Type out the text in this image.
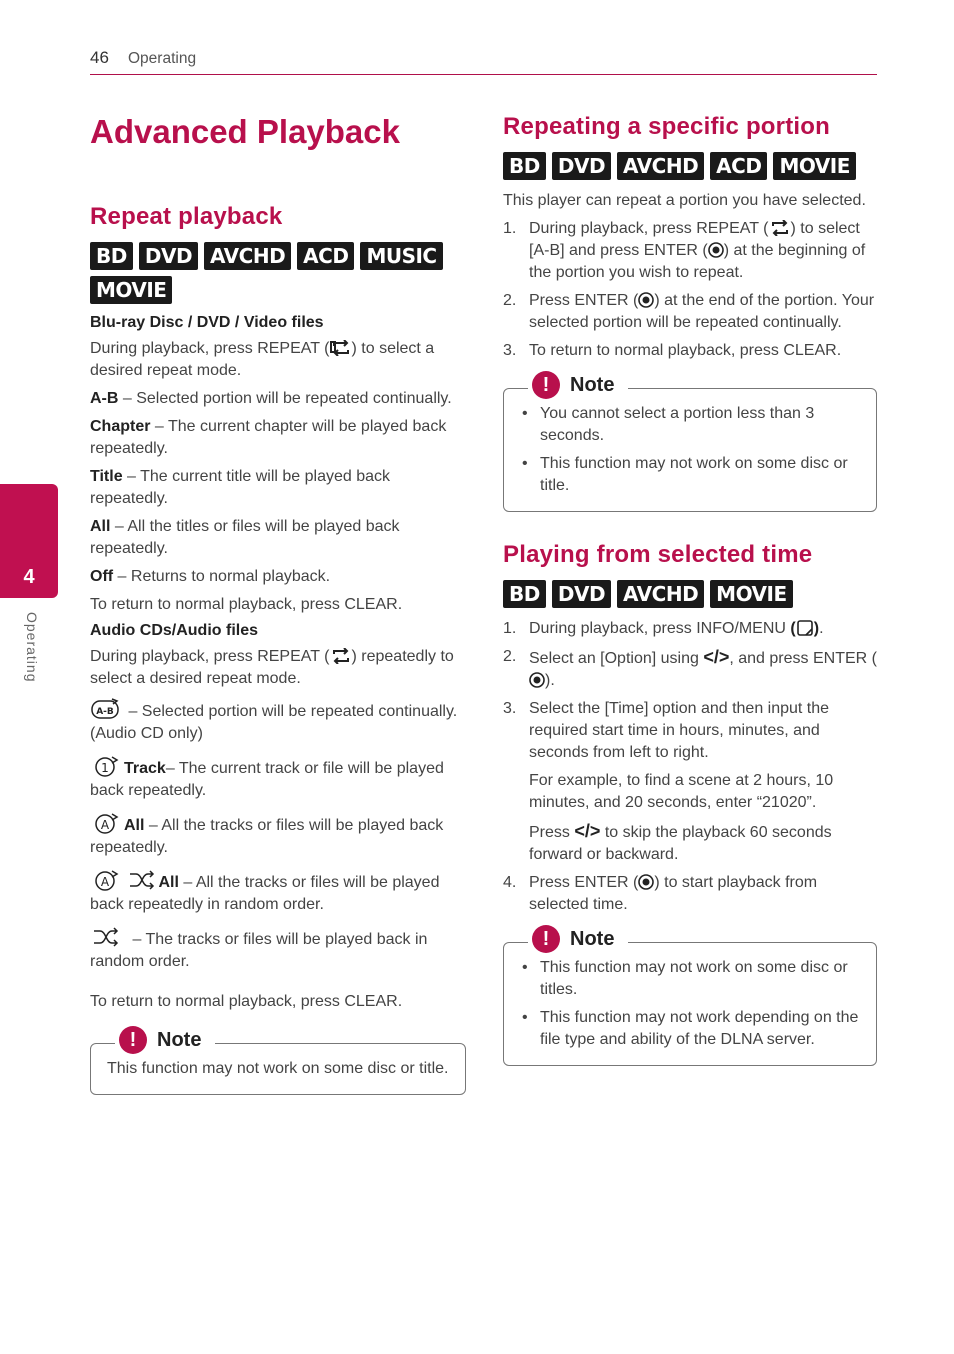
46 Operating
4
Operating
Advanced Playback
Repeat playback
BD DVD AVCHD ACD MUSIC
MOVIE
Blu-ray Disc / DVD / Video files

During playback, press REPEAT ( ) to select a desired repeat mode.

A-B – Selected portion will be repeated continually.

Chapter – The current chapter will be played back repeatedly.

Title – The current title will be played back repeatedly.

All – All the titles or files will be played back repeatedly.

Off – Returns to normal playback.

To return to normal playback, press CLEAR.

Audio CDs/Audio files

During playback, press REPEAT ( ) repeatedly to select a desired repeat mode.

A-B – Selected portion will be repeated continually. (Audio CD only)

1 Track– The current track or file will be played back repeatedly.

A All – All the tracks or files will be played back repeatedly.

A	All – All the tracks or files will be played back repeatedly in random order.

– The tracks or files will be played back in random order.

To return to normal playback, press CLEAR.

!	Note

This function may not work on some disc or title.

Repeating a specific portion
BD DVD AVCHD ACD MOVIE

This player can repeat a portion you have selected.

1. During playback, press REPEAT ( ) to select [A-B] and press ENTER ( ) at the beginning of the portion you wish to repeat.
2. Press ENTER ( ) at the end of the portion. Your selected portion will be repeated continually.
3. To return to normal playback, press CLEAR.
!	Note
• You cannot select a portion less than 3 seconds.
• This function may not work on some disc or title.
Playing from selected time
BD DVD AVCHD MOVIE
1. During playback, press INFO/MENU ( ).
2. Select an [Option] using </>, and press ENTER ().
3. Select the [Time] option and then input the required start time in hours, minutes, and seconds from left to right.
For example, to find a scene at 2 hours, 10 minutes, and 20 seconds, enter “21020”.
Press </> to skip the playback 60 seconds forward or backward.
4. Press ENTER ( ) to start playback from selected time.
!	Note
• This function may not work on some disc or titles.
• This function may not work depending on the file type and ability of the DLNA server.
